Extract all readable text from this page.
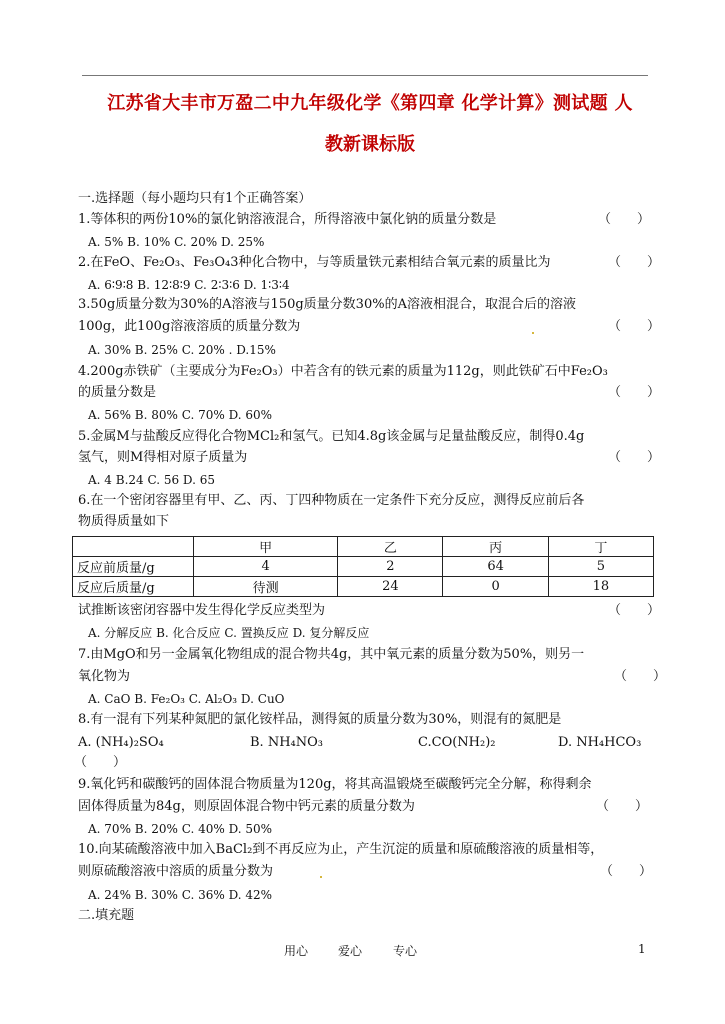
江苏省大丰市万盈二中九年级化学《第四章 化学计算》测试题 人
教新课标版
一.选择题（每小题均只有1个正确答案）
1.等体积的两份10%的氯化钠溶液混合，所得溶液中氯化钠的质量分数是	（　　）
A. 5% B. 10% C. 20% D. 25%
2.在FeO、Fe₂O₃、Fe₃O₄3种化合物中，与等质量铁元素相结合氧元素的质量比为	（　　）
A. 6∶9∶8 B. 12∶8∶9 C. 2∶3∶6 D. 1∶3∶4
3.50g质量分数为30%的A溶液与150g质量分数30%的A溶液相混合，取混合后的溶液
100g，此100g溶液溶质的质量分数为	（　　）
A. 30% B. 25% C. 20% . D.15%
4.200g赤铁矿（主要成分为Fe₂O₃）中若含有的铁元素的质量为112g，则此铁矿石中Fe₂O₃
的质量分数是	（　　）
A. 56% B. 80% C. 70% D. 60%
5.金属M与盐酸反应得化合物MCl₂和氢气。已知4.8g该金属与足量盐酸反应，制得0.4g
氢气，则M得相对原子质量为	（　　）
A. 4 B.24 C. 56 D. 65
6.在一个密闭容器里有甲、乙、丙、丁四种物质在一定条件下充分反应，测得反应前后各
物质得质量如下
	甲	乙	丙	丁
反应前质量/g	4	2	64	5
反应后质量/g	待测	24	0	18
试推断该密闭容器中发生得化学反应类型为	（　　）
A. 分解反应 B. 化合反应 C. 置换反应 D. 复分解反应
7.由MgO和另一金属氧化物组成的混合物共4g，其中氧元素的质量分数为50%，则另一
氧化物为	（　　）
A. CaO B. Fe₂O₃ C. Al₂O₃ D. CuO
8.有一混有下列某种氮肥的氯化铵样品，测得氮的质量分数为30%，则混有的氮肥是
A. (NH₄)₂SO₄	B. NH₄NO₃	C.CO(NH₂)₂	D. NH₄HCO₃
（　　）
9.氧化钙和碳酸钙的固体混合物质量为120g，将其高温锻烧至碳酸钙完全分解，称得剩余
固体得质量为84g，则原固体混合物中钙元素的质量分数为	（　　）
A. 70% B. 20% C. 40% D. 50%
10.向某硫酸溶液中加入BaCl₂到不再反应为止，产生沉淀的质量和原硫酸溶液的质量相等，
则原硫酸溶液中溶质的质量分数为	（　　）
A. 24% B. 30% C. 36% D. 42%
二.填充题
用心 爱心	专心	1
